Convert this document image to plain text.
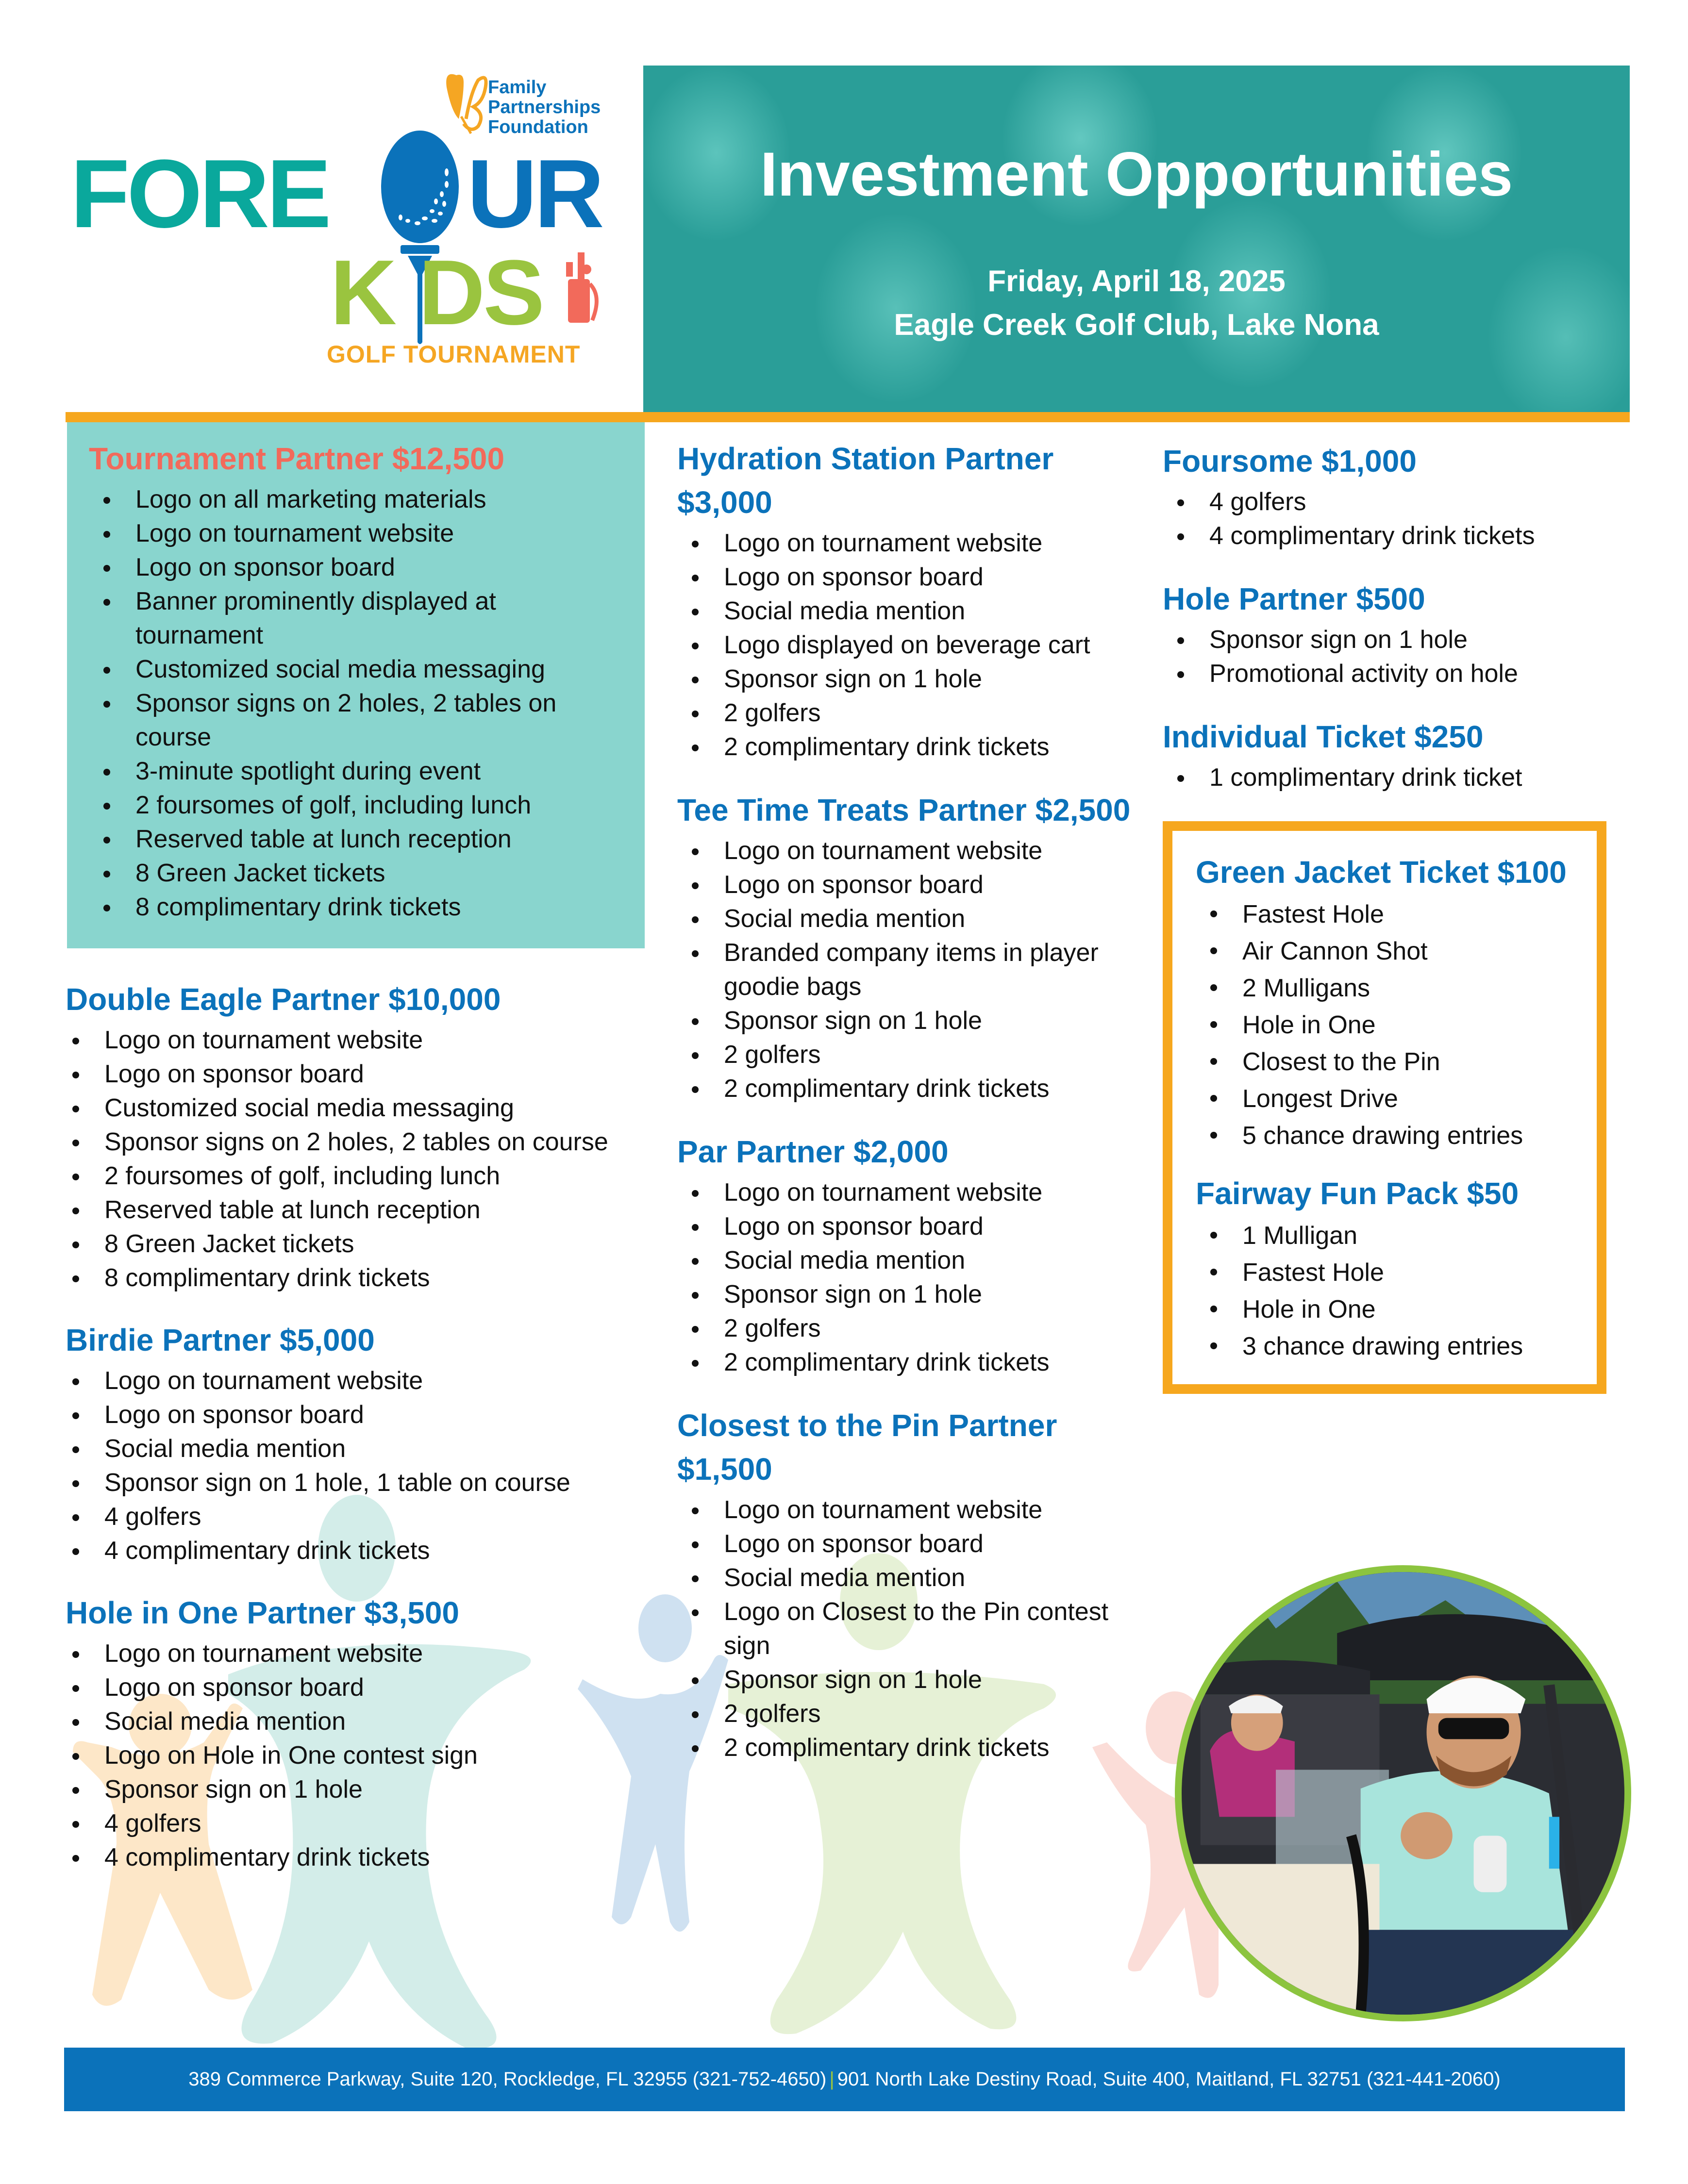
Family
Partnerships
Foundation
FORE	UR
K DS
GOLF TOURNAMENT
Investment Opportunities
Friday, April 18, 2025
Eagle Creek Golf Club, Lake Nona
Tournament Partner $12,500
Logo on all marketing materials
Logo on tournament website
Logo on sponsor board
Banner prominently displayed at tournament
Customized social media messaging
Sponsor signs on 2 holes, 2 tables on course
3-minute spotlight during event
2 foursomes of golf, including lunch
Reserved table at lunch reception
8 Green Jacket tickets
8 complimentary drink tickets
Double Eagle Partner $10,000
Logo on tournament website
Logo on sponsor board
Customized social media messaging
Sponsor signs on 2 holes, 2 tables on course
2 foursomes of golf, including lunch
Reserved table at lunch reception
8 Green Jacket tickets
8 complimentary drink tickets
Birdie Partner $5,000
Logo on tournament website
Logo on sponsor board
Social media mention
Sponsor sign on 1 hole, 1 table on course
4 golfers
4 complimentary drink tickets
Hole in One Partner $3,500
Logo on tournament website
Logo on sponsor board
Social media mention
Logo on Hole in One contest sign
Sponsor sign on 1 hole
4 golfers
4 complimentary drink tickets
Hydration Station Partner $3,000
Logo on tournament website
Logo on sponsor board
Social media mention
Logo displayed on beverage cart
Sponsor sign on 1 hole
2 golfers
2 complimentary drink tickets
Tee Time Treats Partner $2,500
Logo on tournament website
Logo on sponsor board
Social media mention
Branded company items in player goodie bags
Sponsor sign on 1 hole
2 golfers
2 complimentary drink tickets
Par Partner $2,000
Logo on tournament website
Logo on sponsor board
Social media mention
Sponsor sign on 1 hole
2 golfers
2 complimentary drink tickets
Closest to the Pin Partner $1,500
Logo on tournament website
Logo on sponsor board
Social media mention
Logo on Closest to the Pin contest sign
Sponsor sign on 1 hole
2 golfers
2 complimentary drink tickets
Foursome $1,000
4 golfers
4 complimentary drink tickets
Hole Partner $500
Sponsor sign on 1 hole
Promotional activity on hole
Individual Ticket $250
1 complimentary drink ticket
Green Jacket Ticket $100
Fastest Hole
Air Cannon Shot
2 Mulligans
Hole in One
Closest to the Pin
Longest Drive
5 chance drawing entries
Fairway Fun Pack $50
1 Mulligan
Fastest Hole
Hole in One
3 chance drawing entries
389 Commerce Parkway, Suite 120, Rockledge, FL 32955 (321-752-4650) | 901 North Lake Destiny Road, Suite 400, Maitland, FL 32751 (321-441-2060)
